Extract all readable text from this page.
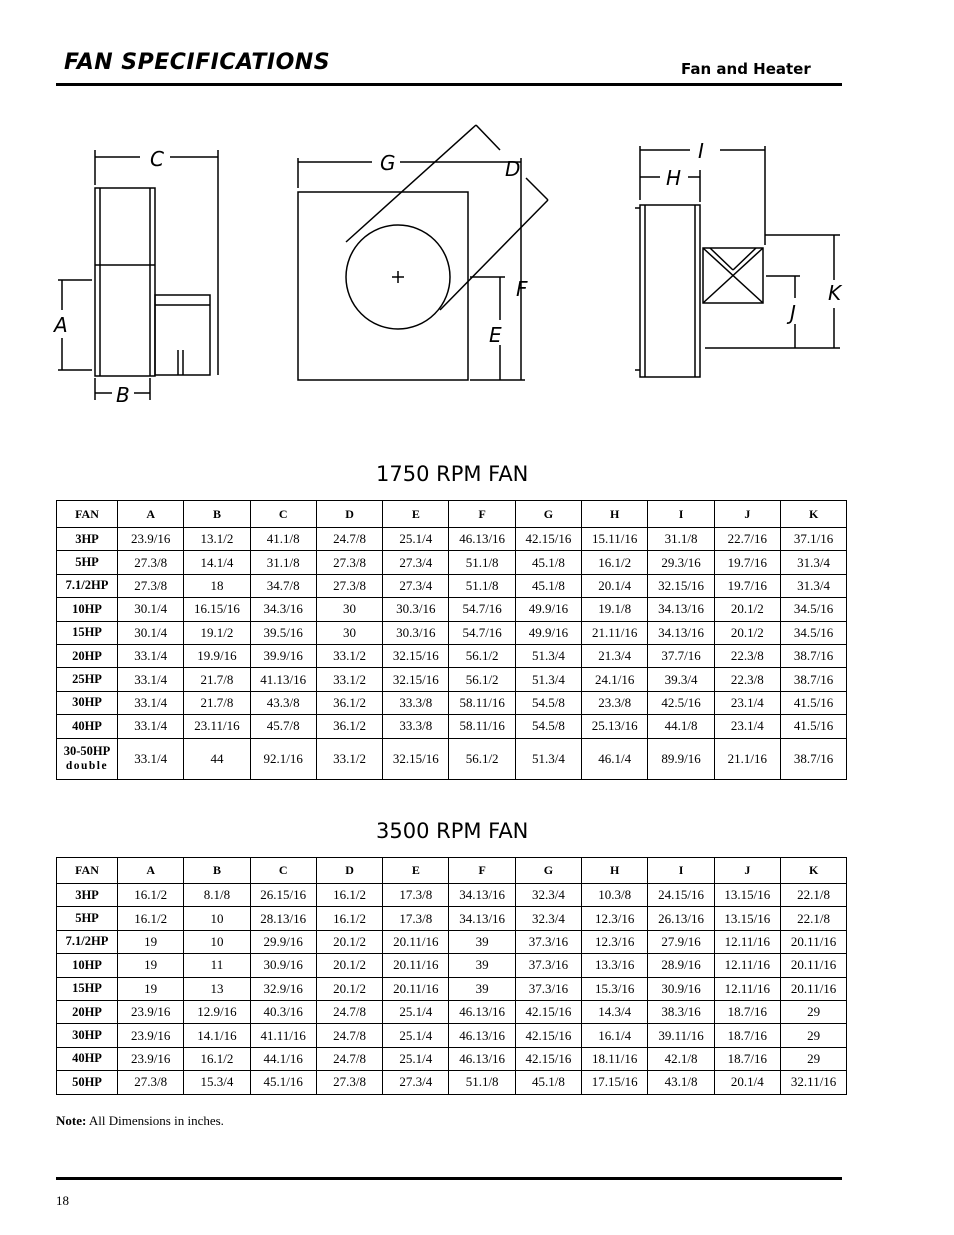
FAN SPECIFICATIONS	Fan and Heater
C
A
B
G	D
F
E
I
H
J
K
1750 RPM FAN
FAN	A	B	C	D	E	F	G	H	I	J	K
3HP	23.9/16	13.1/2	41.1/8	24.7/8	25.1/4	46.13/16	42.15/16	15.11/16	31.1/8	22.7/16	37.1/16
5HP	27.3/8	14.1/4	31.1/8	27.3/8	27.3/4	51.1/8	45.1/8	16.1/2	29.3/16	19.7/16	31.3/4
7.1/2HP	27.3/8	18	34.7/8	27.3/8	27.3/4	51.1/8	45.1/8	20.1/4	32.15/16	19.7/16	31.3/4
10HP	30.1/4	16.15/16	34.3/16	30	30.3/16	54.7/16	49.9/16	19.1/8	34.13/16	20.1/2	34.5/16
15HP	30.1/4	19.1/2	39.5/16	30	30.3/16	54.7/16	49.9/16	21.11/16	34.13/16	20.1/2	34.5/16
20HP	33.1/4	19.9/16	39.9/16	33.1/2	32.15/16	56.1/2	51.3/4	21.3/4	37.7/16	22.3/8	38.7/16
25HP	33.1/4	21.7/8	41.13/16	33.1/2	32.15/16	56.1/2	51.3/4	24.1/16	39.3/4	22.3/8	38.7/16
30HP	33.1/4	21.7/8	43.3/8	36.1/2	33.3/8	58.11/16	54.5/8	23.3/8	42.5/16	23.1/4	41.5/16
40HP	33.1/4	23.11/16	45.7/8	36.1/2	33.3/8	58.11/16	54.5/8	25.13/16	44.1/8	23.1/4	41.5/16

30-50HP
double	33.1/4	44	92.1/16	33.1/2	32.15/16	56.1/2	51.3/4	46.1/4	89.9/16	21.1/16	38.7/16
3500 RPM FAN
FAN	A	B	C	D	E	F	G	H	I	J	K
3HP	16.1/2	8.1/8	26.15/16	16.1/2	17.3/8	34.13/16	32.3/4	10.3/8	24.15/16	13.15/16	22.1/8
5HP	16.1/2	10	28.13/16	16.1/2	17.3/8	34.13/16	32.3/4	12.3/16	26.13/16	13.15/16	22.1/8
7.1/2HP	19	10	29.9/16	20.1/2	20.11/16	39	37.3/16	12.3/16	27.9/16	12.11/16	20.11/16
10HP	19	11	30.9/16	20.1/2	20.11/16	39	37.3/16	13.3/16	28.9/16	12.11/16	20.11/16
15HP	19	13	32.9/16	20.1/2	20.11/16	39	37.3/16	15.3/16	30.9/16	12.11/16	20.11/16
20HP	23.9/16	12.9/16	40.3/16	24.7/8	25.1/4	46.13/16	42.15/16	14.3/4	38.3/16	18.7/16	29
30HP	23.9/16	14.1/16	41.11/16	24.7/8	25.1/4	46.13/16	42.15/16	16.1/4	39.11/16	18.7/16	29
40HP	23.9/16	16.1/2	44.1/16	24.7/8	25.1/4	46.13/16	42.15/16	18.11/16	42.1/8	18.7/16	29
50HP	27.3/8	15.3/4	45.1/16	27.3/8	27.3/4	51.1/8	45.1/8	17.15/16	43.1/8	20.1/4	32.11/16
Note: All Dimensions in inches.
18
